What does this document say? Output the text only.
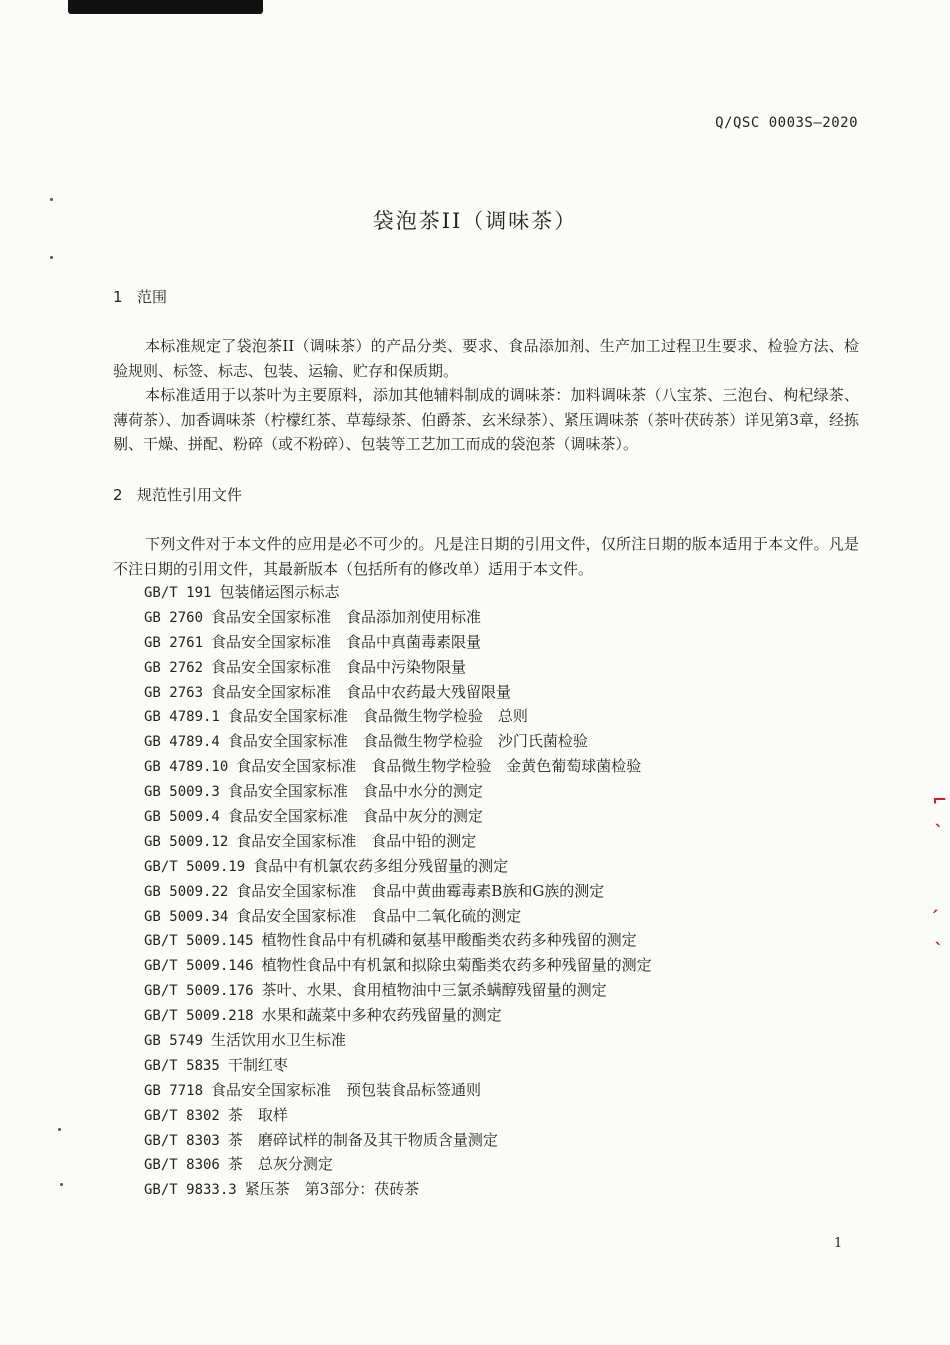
Q/QSC 0003S—2020
袋泡茶II（调味茶）
1 范围

本标准规定了袋泡茶II（调味茶）的产品分类、要求、食品添加剂、生产加工过程卫生要求、检验方法、检验规则、标签、标志、包装、运输、贮存和保质期。

本标准适用于以茶叶为主要原料，添加其他辅料制成的调味茶：加料调味茶（八宝茶、三泡台、枸杞绿茶、薄荷茶）、加香调味茶（柠檬红茶、草莓绿茶、伯爵茶、玄米绿茶）、紧压调味茶（茶叶茯砖茶）详见第3章，经拣剔、干燥、拼配、粉碎（或不粉碎）、包装等工艺加工而成的袋泡茶（调味茶）。

2 规范性引用文件

下列文件对于本文件的应用是必不可少的。凡是注日期的引用文件，仅所注日期的版本适用于本文件。凡是不注日期的引用文件，其最新版本（包括所有的修改单）适用于本文件。

GB/T 191 包装储运图示标志
GB 2760 食品安全国家标准　食品添加剂使用标准
GB 2761 食品安全国家标准　食品中真菌毒素限量
GB 2762 食品安全国家标准　食品中污染物限量
GB 2763 食品安全国家标准　食品中农药最大残留限量
GB 4789.1 食品安全国家标准　食品微生物学检验　总则
GB 4789.4 食品安全国家标准　食品微生物学检验　沙门氏菌检验
GB 4789.10 食品安全国家标准　食品微生物学检验　金黄色葡萄球菌检验
GB 5009.3 食品安全国家标准　食品中水分的测定
GB 5009.4 食品安全国家标准　食品中灰分的测定
GB 5009.12 食品安全国家标准　食品中铅的测定
GB/T 5009.19 食品中有机氯农药多组分残留量的测定
GB 5009.22 食品安全国家标准　食品中黄曲霉毒素B族和G族的测定
GB 5009.34 食品安全国家标准　食品中二氧化硫的测定
GB/T 5009.145 植物性食品中有机磷和氨基甲酸酯类农药多种残留的测定
GB/T 5009.146 植物性食品中有机氯和拟除虫菊酯类农药多种残留量的测定
GB/T 5009.176 茶叶、水果、食用植物油中三氯杀螨醇残留量的测定
GB/T 5009.218 水果和蔬菜中多种农药残留量的测定
GB 5749 生活饮用水卫生标准
GB/T 5835 干制红枣
GB 7718 食品安全国家标准　预包装食品标签通则
GB/T 8302 茶　取样
GB/T 8303 茶　磨碎试样的制备及其干物质含量测定
GB/T 8306 茶　总灰分测定
GB/T 9833.3 紧压茶　第3部分：茯砖茶
1
⌐
ˋ
ˊ
ˋ
